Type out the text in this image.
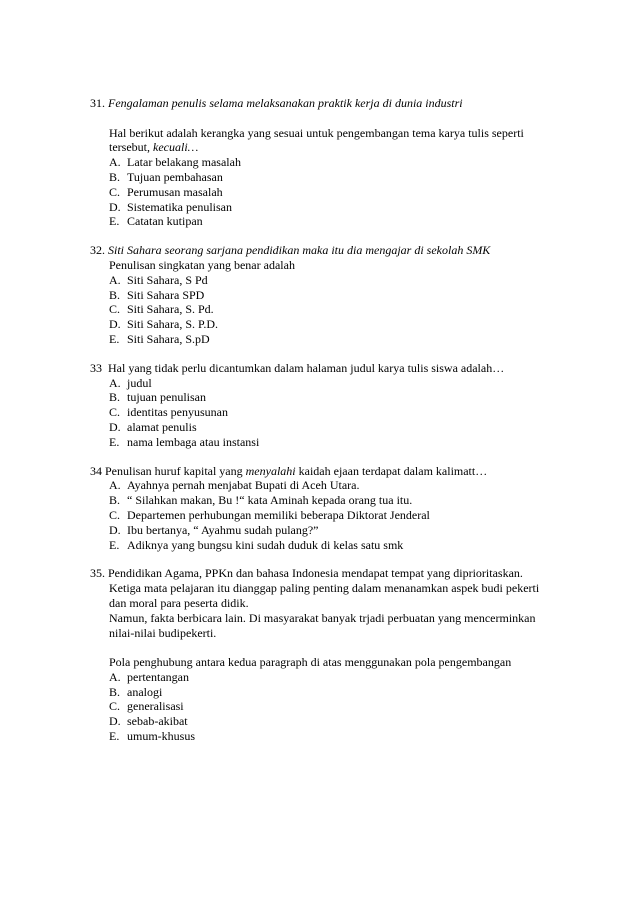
31. Fengalaman penulis selama melaksanakan praktik kerja di dunia industri
Hal berikut adalah kerangka yang sesuai untuk pengembangan tema karya tulis seperti
tersebut, kecuali…
A. Latar belakang masalah
B. Tujuan pembahasan
C. Perumusan masalah
D. Sistematika penulisan
E. Catatan kutipan
32. Siti Sahara seorang sarjana pendidikan maka itu dia mengajar di sekolah SMK
Penulisan singkatan yang benar adalah
A. Siti Sahara, S Pd
B. Siti Sahara SPD
C. Siti Sahara, S. Pd.
D. Siti Sahara, S. P.D.
E. Siti Sahara, S.pD
33 Hal yang tidak perlu dicantumkan dalam halaman judul karya tulis siswa adalah…
A. judul
B. tujuan penulisan
C. identitas penyusunan
D. alamat penulis
E. nama lembaga atau instansi
34 Penulisan huruf kapital yang menyalahi kaidah ejaan terdapat dalam kalimatt…
A. Ayahnya pernah menjabat Bupati di Aceh Utara.
B. “ Silahkan makan, Bu !“ kata Aminah kepada orang tua itu.
C. Departemen perhubungan memiliki beberapa Diktorat Jenderal
D. Ibu bertanya, “ Ayahmu sudah pulang?”
E. Adiknya yang bungsu kini sudah duduk di kelas satu smk
35. Pendidikan Agama, PPKn dan bahasa Indonesia mendapat tempat yang diprioritaskan.
Ketiga mata pelajaran itu dianggap paling penting dalam menanamkan aspek budi pekerti
dan moral para peserta didik.
Namun, fakta berbicara lain. Di masyarakat banyak trjadi perbuatan yang mencerminkan
nilai-nilai budipekerti.
Pola penghubung antara kedua paragraph di atas menggunakan pola pengembangan
A. pertentangan
B. analogi
C. generalisasi
D. sebab-akibat
E. umum-khusus
